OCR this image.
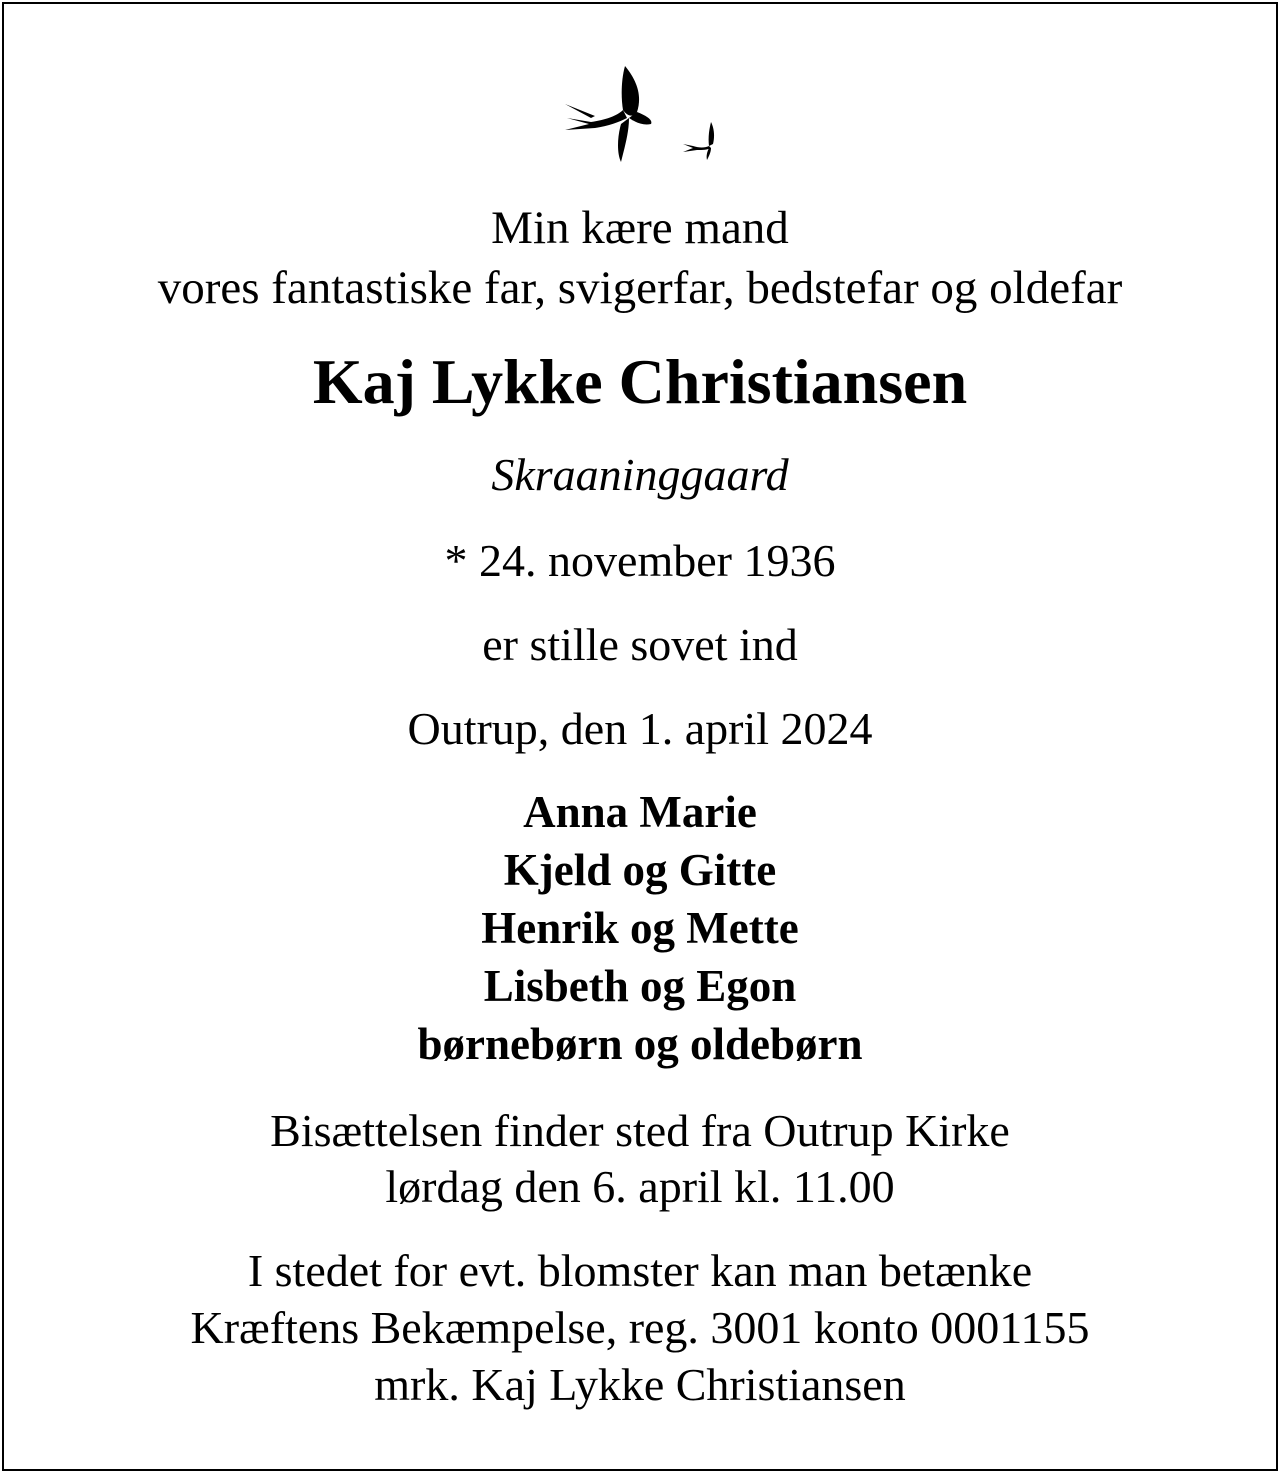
Min kære mand
vores fantastiske far, svigerfar, bedstefar og oldefar
Kaj Lykke Christiansen
Skraaninggaard
* 24. november 1936
er stille sovet ind
Outrup, den 1. april 2024
Anna Marie
Kjeld og Gitte
Henrik og Mette
Lisbeth og Egon
børnebørn og oldebørn
Bisættelsen finder sted fra Outrup Kirke
lørdag den 6. april kl. 11.00
I stedet for evt. blomster kan man betænke
Kræftens Bekæmpelse, reg. 3001 konto 0001155
mrk. Kaj Lykke Christiansen
